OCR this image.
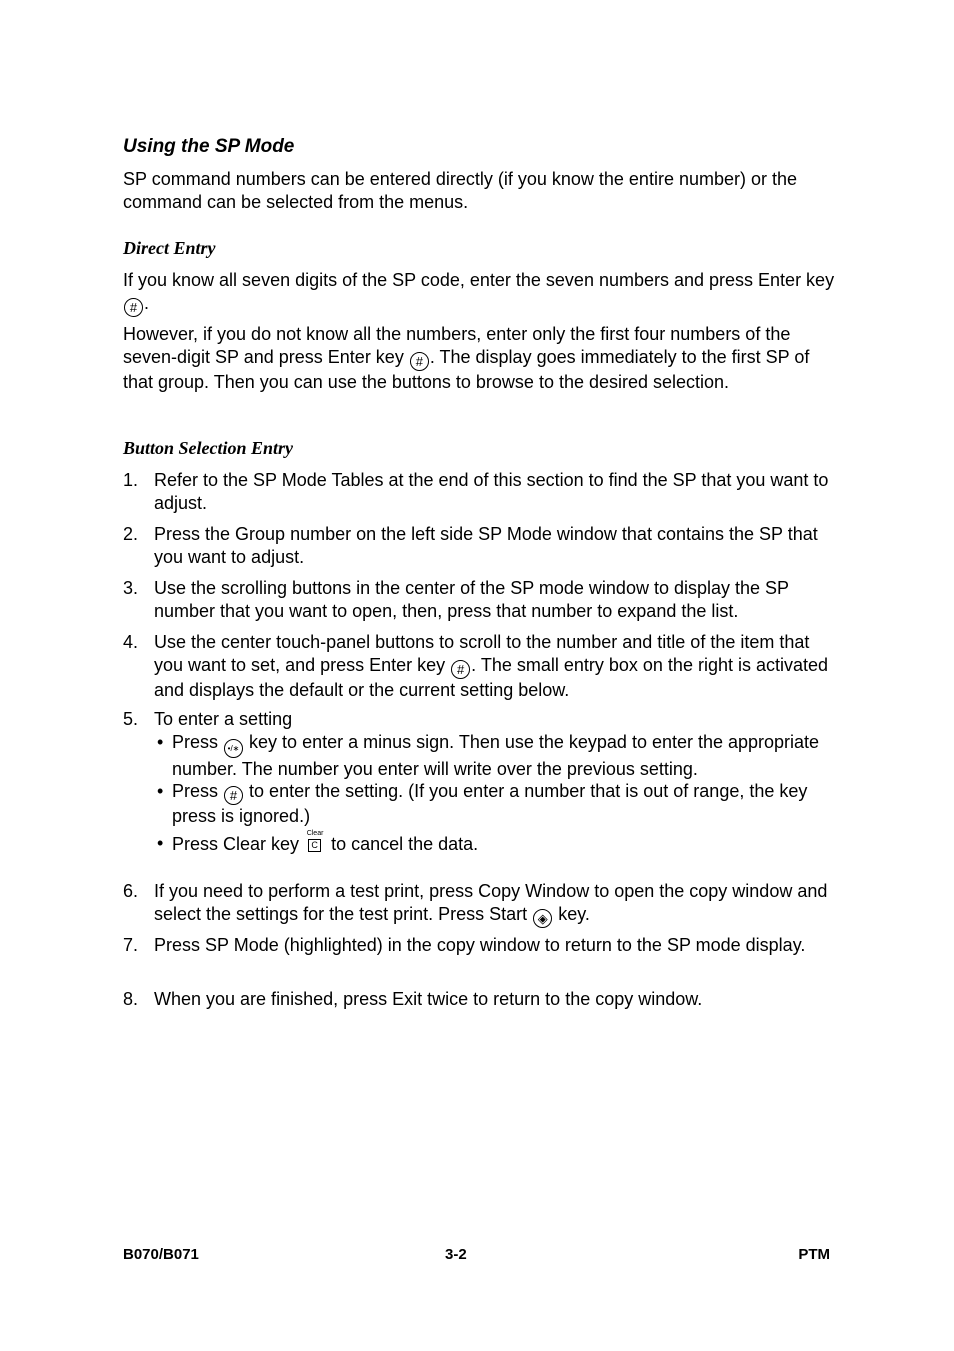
Using the SP Mode

SP command numbers can be entered directly (if you know the entire number) or the command can be selected from the menus.

Direct Entry

If you know all seven digits of the SP code, enter the seven numbers and press Enter key # .

However, if you do not know all the numbers, enter only the first four numbers of the seven-digit SP and press Enter key # . The display goes immediately to the first SP of that group. Then you can use the buttons to browse to the desired selection.

Button Selection Entry
1. Refer to the SP Mode Tables at the end of this section to find the SP that you want to adjust.
2. Press the Group number on the left side SP Mode window that contains the SP that you want to adjust.
3. Use the scrolling buttons in the center of the SP mode window to display the SP number that you want to open, then, press that number to expand the list.
4. Use the center touch-panel buttons to scroll to the number and title of the item that you want to set, and press Enter key # . The small entry box on the right is activated and displays the default or the current setting below.
5. To enter a setting
• Press •/∗ key to enter a minus sign. Then use the keypad to enter the appropriate number. The number you enter will write over the previous setting.
• Press # to enter the setting. (If you enter a number that is out of range, the key press is ignored.)
• Press Clear key
Clear
C to cancel the data.
6. If you need to perform a test print, press Copy Window to open the copy window and select the settings for the test print. Press Start ◈ key.
7. Press SP Mode (highlighted) in the copy window to return to the SP mode display.
8. When you are finished, press Exit twice to return to the copy window.
B070/B071	3-2	PTM
